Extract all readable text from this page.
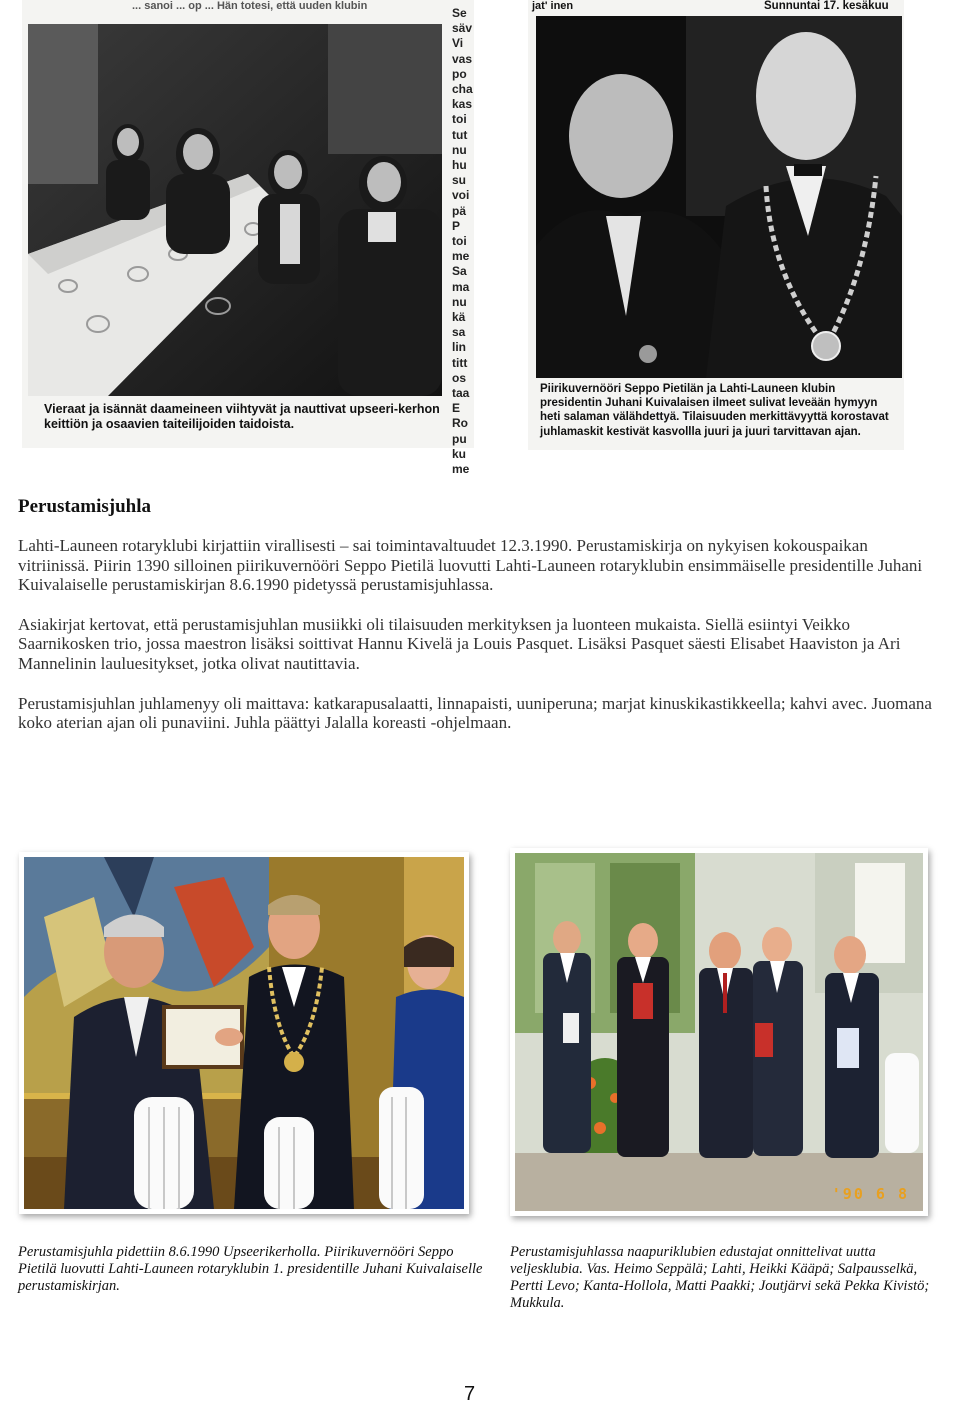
... sanoi ... op ... Hän totesi, että uuden klubin	Se
säv
Vi
vas
po
cha
kas
toi
tut
nu
hu
su
voi
pä
P
toi
me
Sa
ma
nu
kä
sa
lin
titt
os
taa
E
Ro
pu
ku
me
Vieraat ja isännät daameineen viihtyvät ja nauttivat upseeri-kerhon keittiön ja osaavien taiteilijoiden taidoista.
jat' inen	Sunnuntai 17. kesäkuu
Piirikuvernööri Seppo Pietilän ja Lahti-Launeen klubin presidentin Juhani Kuivalaisen ilmeet sulivat leveään hymyyn heti salaman välähdettyä. Tilaisuuden merkittävyyttä korostavat juhlamaskit kestivät kasvollla juuri ja juuri tarvittavan ajan.
Perustamisjuhla

Lahti-Launeen rotaryklubi kirjattiin virallisesti – sai toimintavaltuudet 12.3.1990. Perustamiskirja on nykyisen kokouspaikan vitriinissä. Piirin 1390 silloinen piirikuvernööri Seppo Pietilä luovutti Lahti-Launeen rotaryklubin ensimmäiselle presidentille Juhani Kuivalaiselle perustamiskirjan 8.6.1990 pidetyssä perustamisjuhlassa.

Asiakirjat kertovat, että perustamisjuhlan musiikki oli tilaisuuden merkityksen ja luonteen mukaista. Siellä esiintyi Veikko Saarnikosken trio, jossa maestron lisäksi soittivat Hannu Kivelä ja Louis Pasquet. Lisäksi Pasquet säesti Elisabet Haaviston ja Ari Mannelinin lauluesitykset, jotka olivat nautittavia.

Perustamisjuhlan juhlamenyy oli maittava: katkarapusalaatti, linnapaisti, uuniperuna; marjat kinuskikastikkeella; kahvi avec. Juomana koko aterian ajan oli punaviini. Juhla päättyi Jalalla koreasti -ohjelmaan.

'90 6 8

Perustamisjuhla pidettiin 8.6.1990 Upseerikerholla. Piirikuvernööri Seppo Pietilä luovutti Lahti-Launeen rotaryklubin 1. presidentille Juhani Kuivalaiselle perustamiskirjan.

Perustamisjuhlassa naapuriklubien edustajat onnittelivat uutta veljesklubia. Vas. Heimo Seppälä; Lahti, Heikki Kääpä; Salpausselkä, Pertti Levo; Kanta-Hollola, Matti Paakki; Joutjärvi sekä Pekka Kivistö; Mukkula.

7
